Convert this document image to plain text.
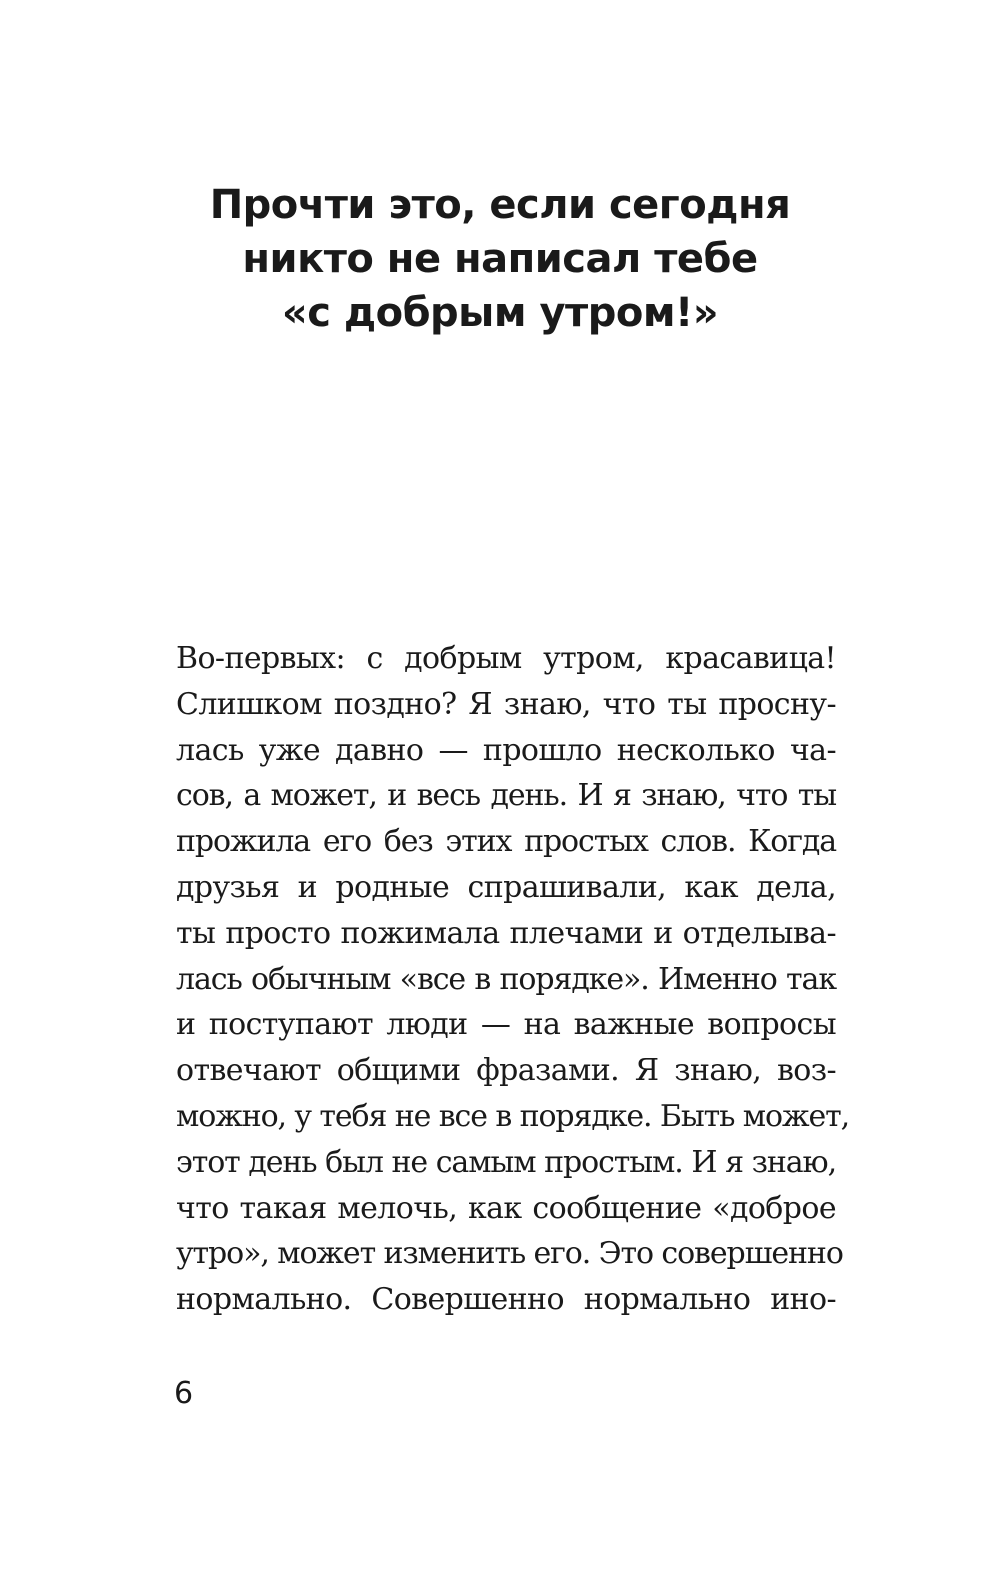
Прочти это, если сегодня
никто не написал тебе
«с добрым утром!»
Во-первых: с добрым утром, красавица!
Слишком поздно? Я знаю, что ты просну-
лась уже давно — прошло несколько ча-
сов, а может, и весь день. И я знаю, что ты
прожила его без этих простых слов. Когда
друзья и родные спрашивали, как дела,
ты просто пожимала плечами и отделыва-
лась обычным «все в порядке». Именно так
и поступают люди — на важные вопросы
отвечают общими фразами. Я знаю, воз-
можно, у тебя не все в порядке. Быть может,
этот день был не самым простым. И я знаю,
что такая мелочь, как сообщение «доброе
утро», может изменить его. Это совершенно
нормально. Совершенно нормально ино-
6
